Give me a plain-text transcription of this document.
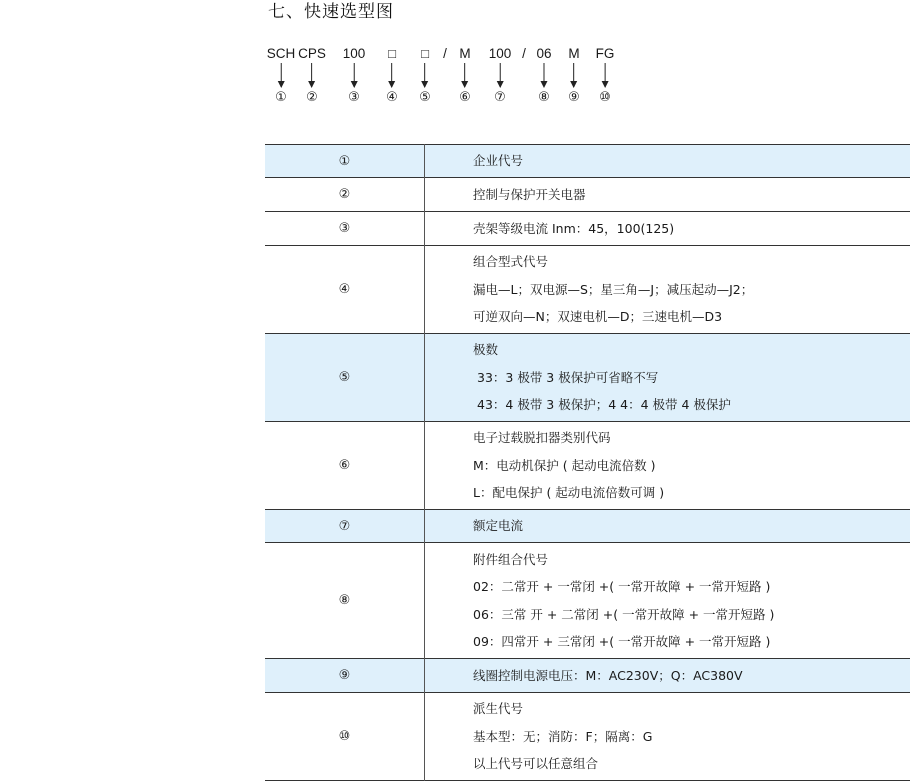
七、快速选型图
SCH
①
CPS
②
100
③
□
④
□
⑤
/ M
⑥
100
⑦
/ 06
⑧
M
⑨
FG
⑩
①	企业代号

②	控制与保护开关电器

③	壳架等级电流 Inm：45，100(125)

④	组合型式代号
漏电—L；双电源—S；星三角—J；减压起动—J2；
可逆双向—N；双速电机—D；三速电机—D3

⑤	极数
33：3 极带 3 极保护可省略不写
43：4 极带 3 极保护；4 4：4 极带 4 极保护

⑥	电子过载脱扣器类别代码
M：电动机保护 ( 起动电流倍数 )
L：配电保护 ( 起动电流倍数可调 )

⑦	额定电流

⑧	附件组合代号
02：二常开 + 一常闭 +( 一常开故障 + 一常开短路 )
06：三常 开 + 二常闭 +( 一常开故障 + 一常开短路 )
09：四常开 + 三常闭 +( 一常开故障 + 一常开短路 )

⑨	线圈控制电源电压：M：AC230V；Q：AC380V

⑩	派生代号
基本型：无；消防：F；隔离：G
以上代号可以任意组合
